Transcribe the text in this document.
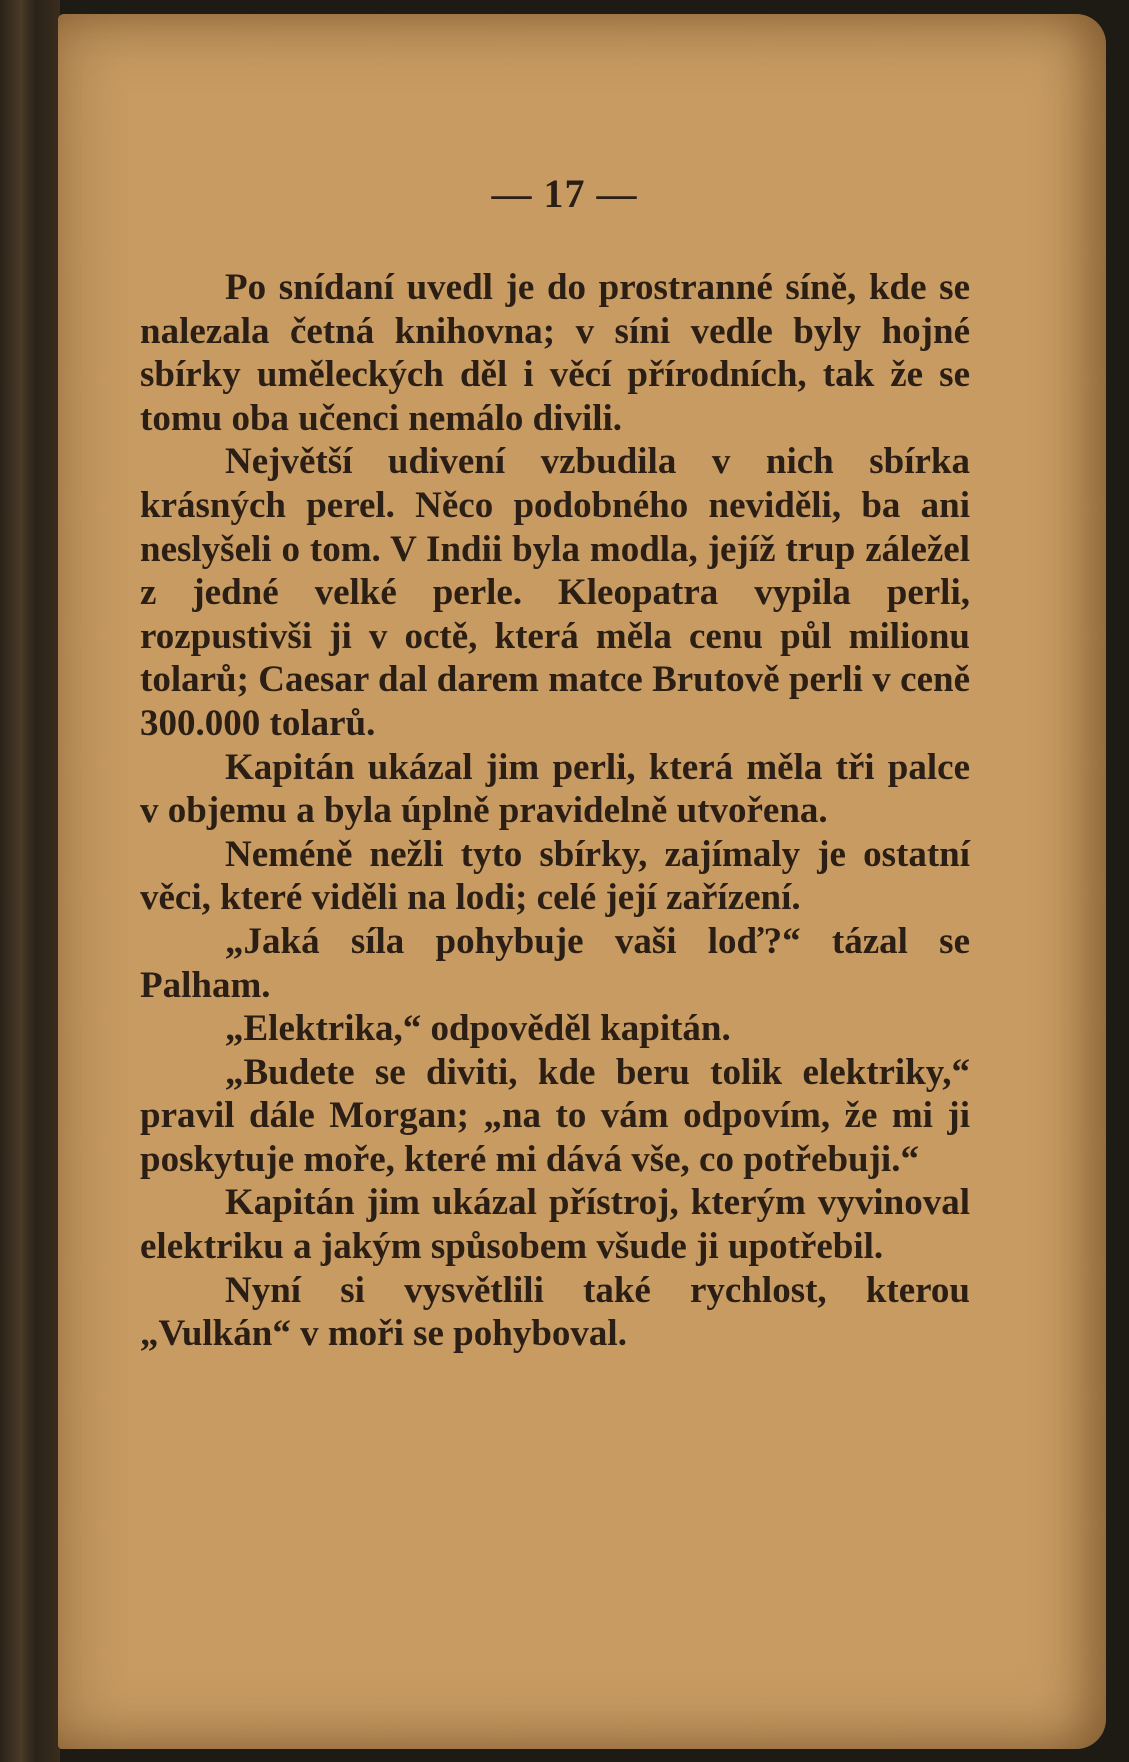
— 17 —

Po snídaní uvedl je do prostranné síně, kde se nalezala četná knihovna; v síni vedle byly hojné sbírky uměleckých děl i věcí přírodních, tak že se tomu oba učenci nemálo divili.

Největší udivení vzbudila v nich sbírka krásných perel. Něco podobného neviděli, ba ani neslyšeli o tom. V Indii byla modla, jejíž trup záležel z jedné velké perle. Kleopatra vypila perli, rozpustivši ji v octě, která měla cenu půl milionu tolarů; Caesar dal darem matce Brutově perli v ceně 300.000 tolarů.

Kapitán ukázal jim perli, která měla tři palce v objemu a byla úplně pravidelně utvořena.

Neméně nežli tyto sbírky, zajímaly je ostatní věci, které viděli na lodi; celé její zařízení.

„Jaká síla pohybuje vaši loď?“ tázal se Palham.

„Elektrika,“ odpověděl kapitán.

„Budete se diviti, kde beru tolik elektriky,“ pravil dále Morgan; „na to vám odpovím, že mi ji poskytuje moře, které mi dává vše, co potřebuji.“

Kapitán jim ukázal přístroj, kterým vyvinoval elektriku a jakým spůsobem všude ji upotřebil.

Nyní si vysvětlili také rychlost, kterou „Vulkán“ v moři se pohyboval.
